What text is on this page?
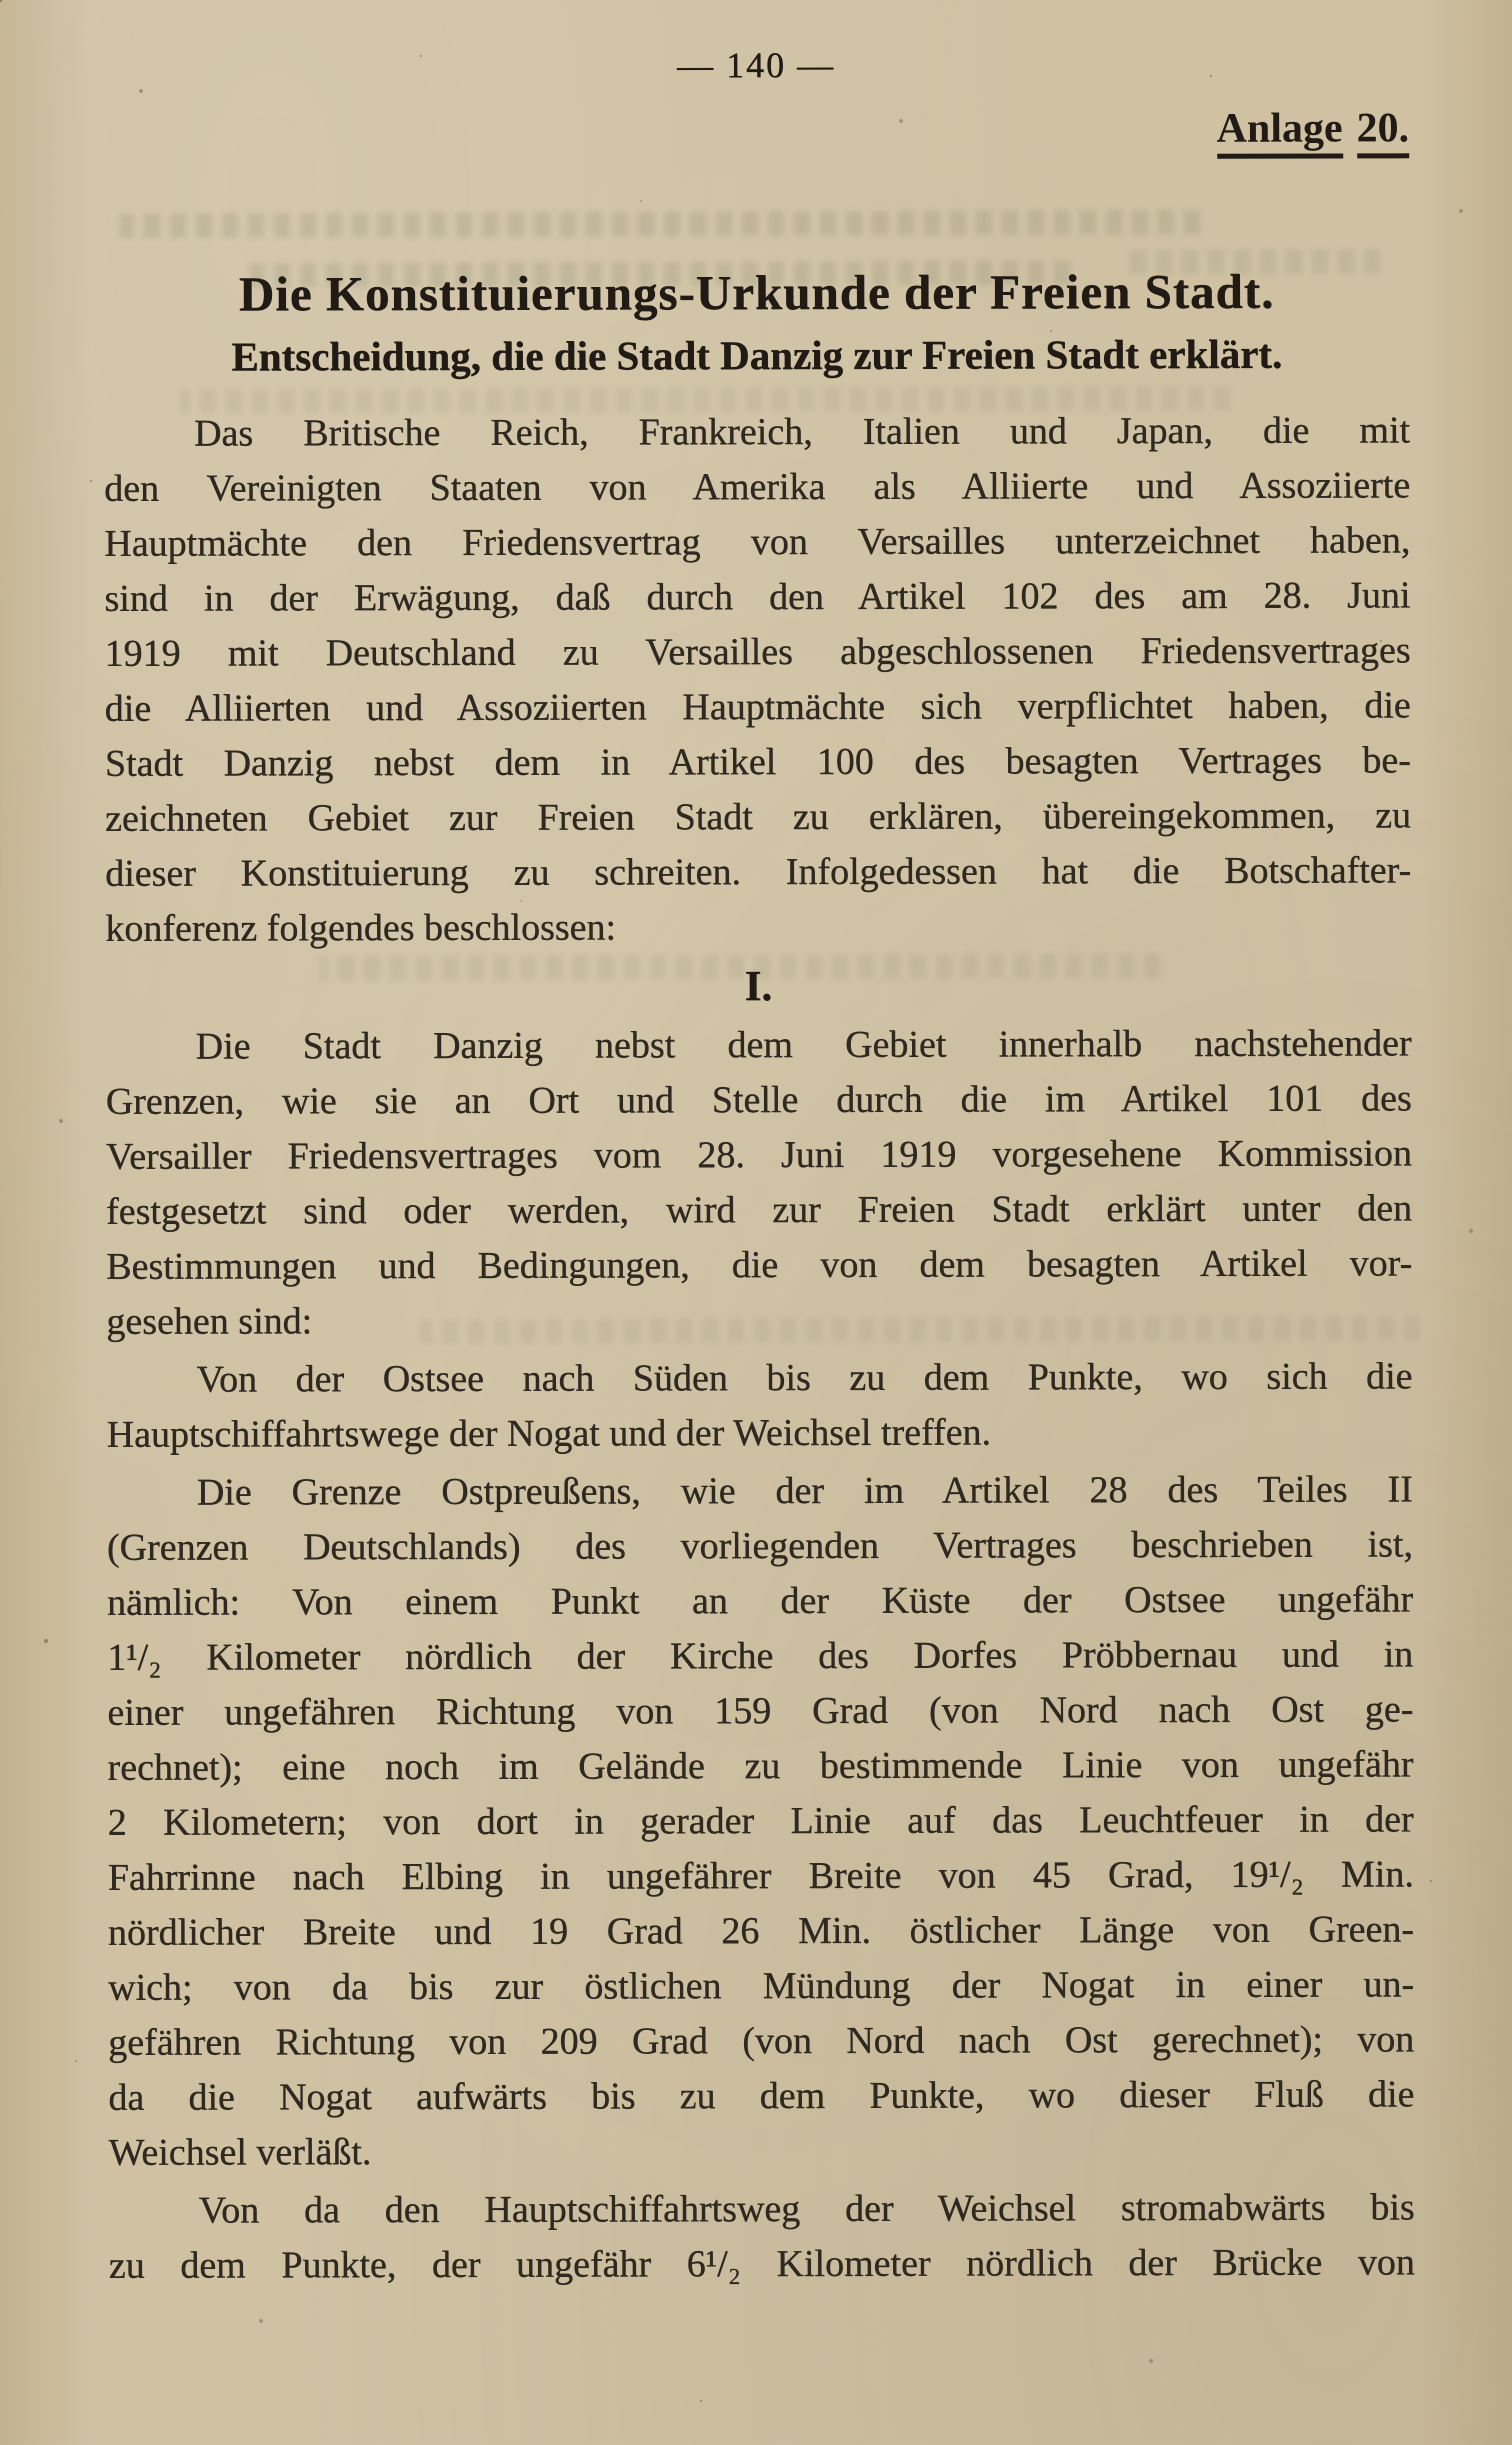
— 140 —
Anlage 20.
Die Konstituierungs-Urkunde der Freien Stadt.
Entscheidung, die die Stadt Danzig zur Freien Stadt erklärt.
Das Britische Reich, Frankreich, Italien und Japan, die mit
den Vereinigten Staaten von Amerika als Alliierte und Assoziierte
Hauptmächte den Friedensvertrag von Versailles unterzeichnet haben,
sind in der Erwägung, daß durch den Artikel 102 des am 28. Juni
1919 mit Deutschland zu Versailles abgeschlossenen Friedensvertrages
die Alliierten und Assoziierten Hauptmächte sich verpflichtet haben, die
Stadt Danzig nebst dem in Artikel 100 des besagten Vertrages be-
zeichneten Gebiet zur Freien Stadt zu erklären, übereingekommen, zu
dieser Konstituierung zu schreiten. Infolgedessen hat die Botschafter-
konferenz folgendes beschlossen:
I.
Die Stadt Danzig nebst dem Gebiet innerhalb nachstehender
Grenzen, wie sie an Ort und Stelle durch die im Artikel 101 des
Versailler Friedensvertrages vom 28. Juni 1919 vorgesehene Kommission
festgesetzt sind oder werden, wird zur Freien Stadt erklärt unter den
Bestimmungen und Bedingungen, die von dem besagten Artikel vor-
gesehen sind:
Von der Ostsee nach Süden bis zu dem Punkte, wo sich die
Hauptschiffahrtswege der Nogat und der Weichsel treffen.
Die Grenze Ostpreußens, wie der im Artikel 28 des Teiles II
(Grenzen Deutschlands) des vorliegenden Vertrages beschrieben ist,
nämlich: Von einem Punkt an der Küste der Ostsee ungefähr
1¹/₂ Kilometer nördlich der Kirche des Dorfes Pröbbernau und in
einer ungefähren Richtung von 159 Grad (von Nord nach Ost ge-
rechnet); eine noch im Gelände zu bestimmende Linie von ungefähr
2 Kilometern; von dort in gerader Linie auf das Leuchtfeuer in der
Fahrrinne nach Elbing in ungefährer Breite von 45 Grad, 19¹/₂ Min.
nördlicher Breite und 19 Grad 26 Min. östlicher Länge von Green-
wich; von da bis zur östlichen Mündung der Nogat in einer un-
gefähren Richtung von 209 Grad (von Nord nach Ost gerechnet); von
da die Nogat aufwärts bis zu dem Punkte, wo dieser Fluß die
Weichsel verläßt.
Von da den Hauptschiffahrtsweg der Weichsel stromabwärts bis
zu dem Punkte, der ungefähr 6¹/₂ Kilometer nördlich der Brücke von
